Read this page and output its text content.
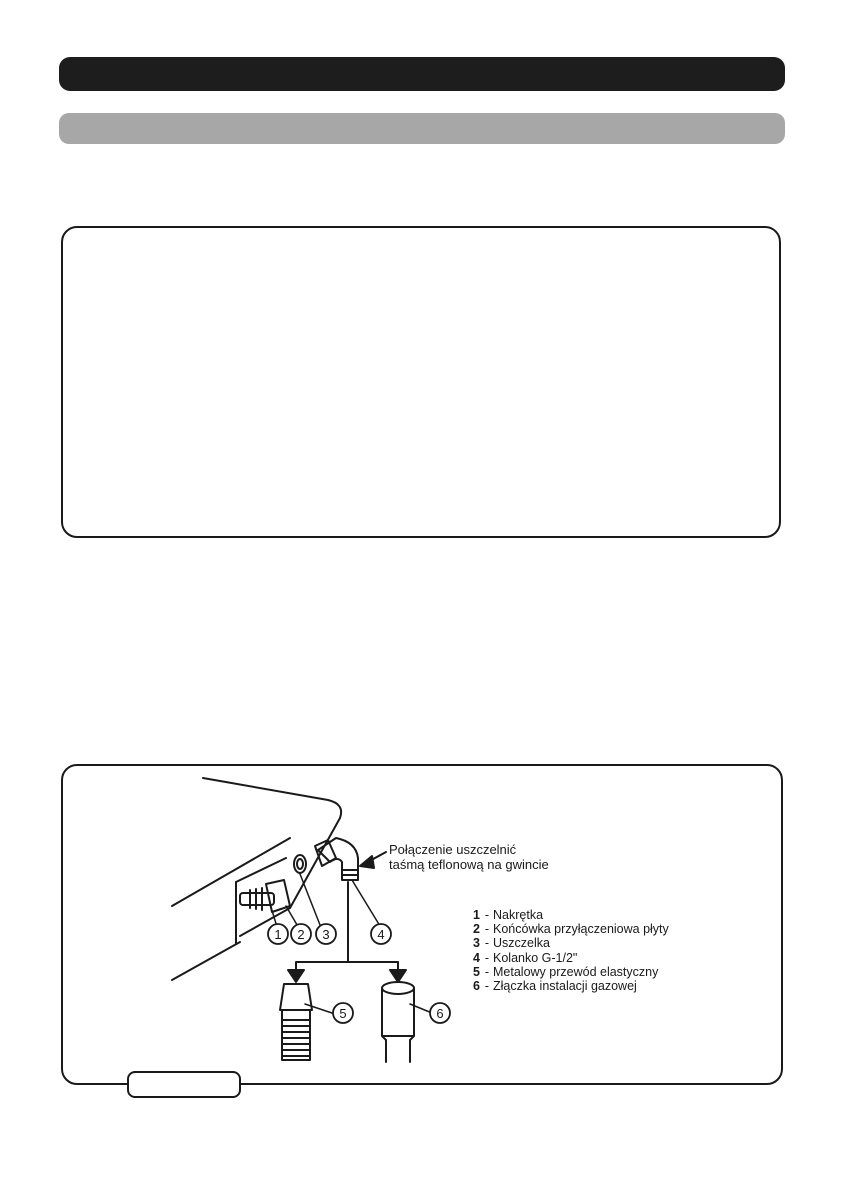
1 2 3	4
5	6
Połączenie uszczelnić
taśmą teflonową na gwincie
1 - Nakrętka
2 - Końcówka przyłączeniowa płyty
3 - Uszczelka
4 - Kolanko G-1/2"
5 - Metalowy przewód elastyczny
6 - Złączka instalacji gazowej
